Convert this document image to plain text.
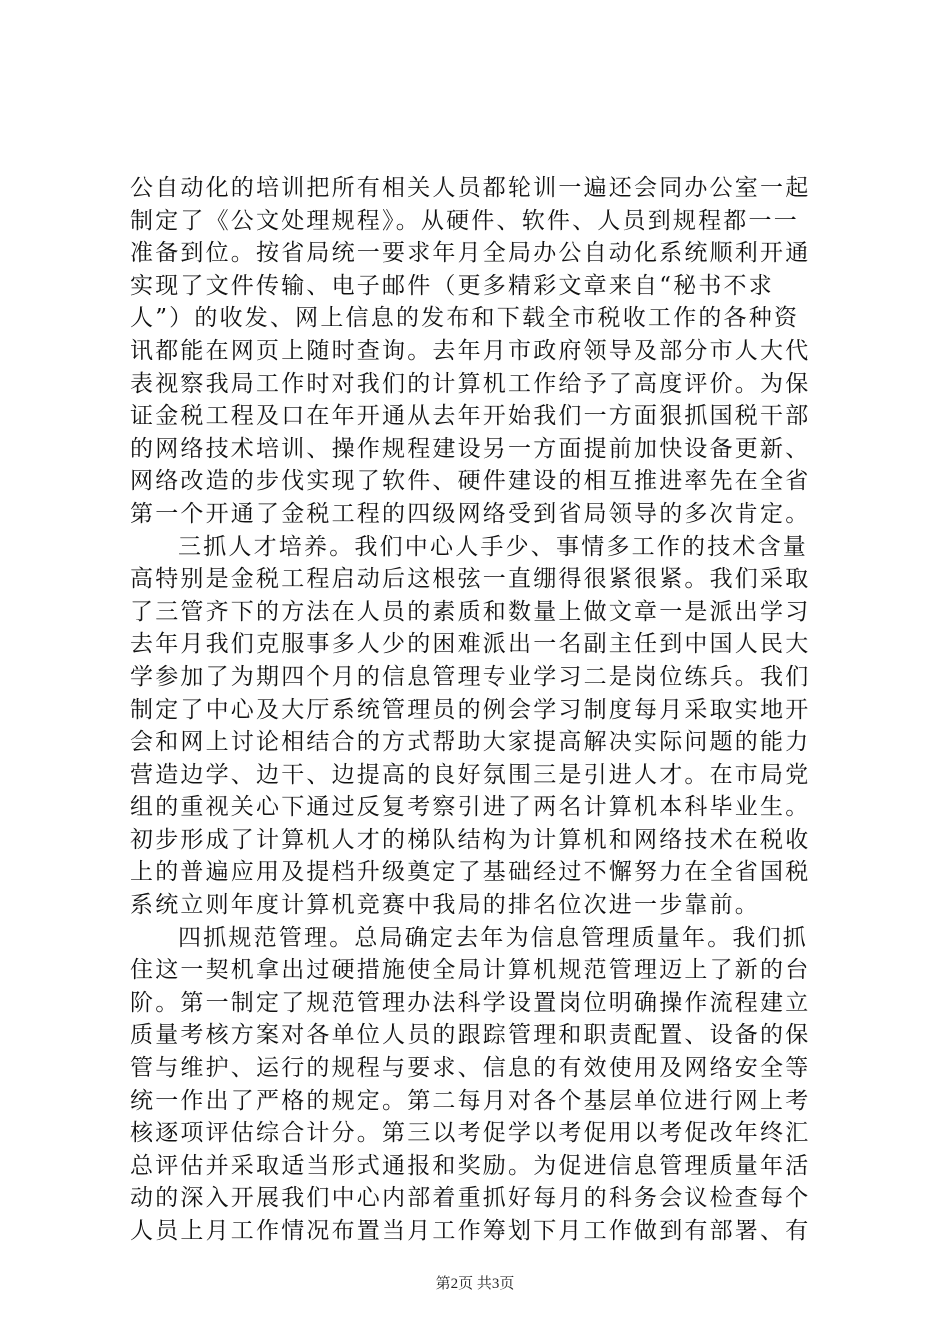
公自动化的培训把所有相关人员都轮训一遍还会同办公室一起
制定了《公文处理规程》。从硬件、软件、人员到规程都一一
准备到位。按省局统一要求年月全局办公自动化系统顺利开通
实现了文件传输、电子邮件（更多精彩文章来自“秘书不求
人”）的收发、网上信息的发布和下载全市税收工作的各种资
讯都能在网页上随时查询。去年月市政府领导及部分市人大代
表视察我局工作时对我们的计算机工作给予了高度评价。为保
证金税工程及口在年开通从去年开始我们一方面狠抓国税干部
的网络技术培训、操作规程建设另一方面提前加快设备更新、
网络改造的步伐实现了软件、硬件建设的相互推进率先在全省
第一个开通了金税工程的四级网络受到省局领导的多次肯定。
三抓人才培养。我们中心人手少、事情多工作的技术含量
高特别是金税工程启动后这根弦一直绷得很紧很紧。我们采取
了三管齐下的方法在人员的素质和数量上做文章一是派出学习
去年月我们克服事多人少的困难派出一名副主任到中国人民大
学参加了为期四个月的信息管理专业学习二是岗位练兵。我们
制定了中心及大厅系统管理员的例会学习制度每月采取实地开
会和网上讨论相结合的方式帮助大家提高解决实际问题的能力
营造边学、边干、边提高的良好氛围三是引进人才。在市局党
组的重视关心下通过反复考察引进了两名计算机本科毕业生。
初步形成了计算机人才的梯队结构为计算机和网络技术在税收
上的普遍应用及提档升级奠定了基础经过不懈努力在全省国税
系统立则年度计算机竞赛中我局的排名位次进一步靠前。
四抓规范管理。总局确定去年为信息管理质量年。我们抓
住这一契机拿出过硬措施使全局计算机规范管理迈上了新的台
阶。第一制定了规范管理办法科学设置岗位明确操作流程建立
质量考核方案对各单位人员的跟踪管理和职责配置、设备的保
管与维护、运行的规程与要求、信息的有效使用及网络安全等
统一作出了严格的规定。第二每月对各个基层单位进行网上考
核逐项评估综合计分。第三以考促学以考促用以考促改年终汇
总评估并采取适当形式通报和奖励。为促进信息管理质量年活
动的深入开展我们中心内部着重抓好每月的科务会议检查每个
人员上月工作情况布置当月工作筹划下月工作做到有部署、有
第2页 共3页
